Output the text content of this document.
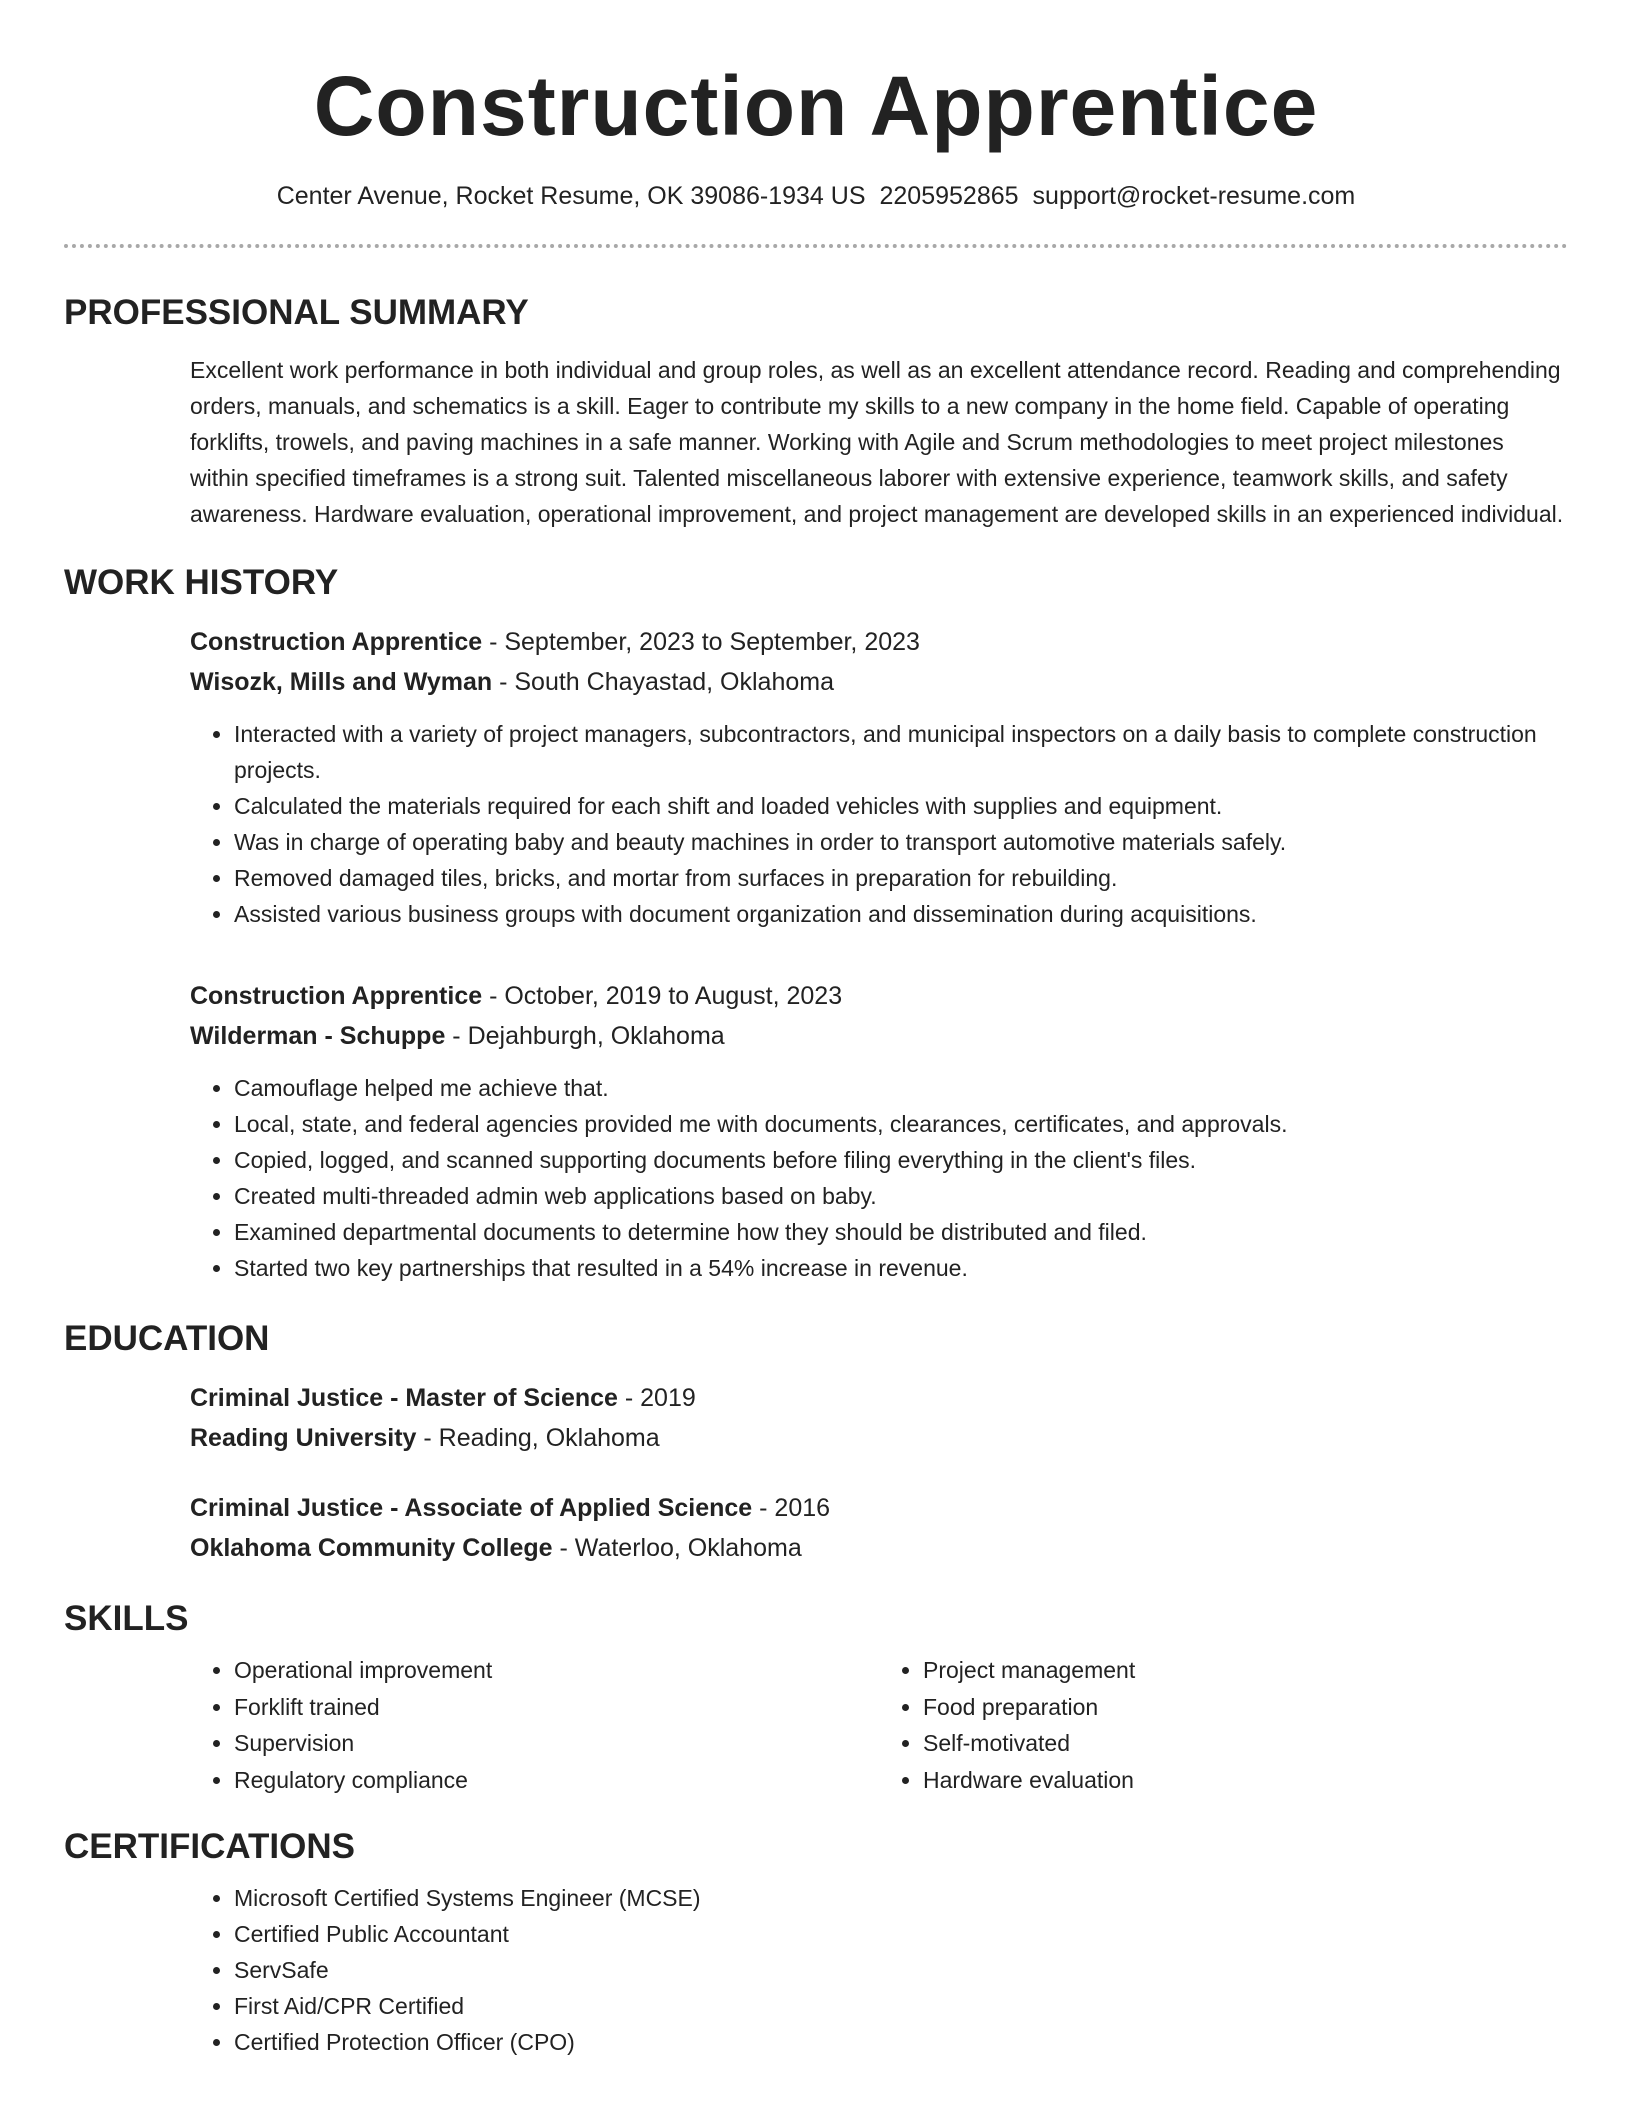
Construction Apprentice
Center Avenue, Rocket Resume, OK 39086-1934 US 2205952865 support@rocket-resume.com
PROFESSIONAL SUMMARY

Excellent work performance in both individual and group roles, as well as an excellent attendance record. Reading and comprehending orders, manuals, and schematics is a skill. Eager to contribute my skills to a new company in the home field. Capable of operating forklifts, trowels, and paving machines in a safe manner. Working with Agile and Scrum methodologies to meet project milestones within specified timeframes is a strong suit. Talented miscellaneous laborer with extensive experience, teamwork skills, and safety awareness. Hardware evaluation, operational improvement, and project management are developed skills in an experienced individual.

WORK HISTORY
Construction Apprentice - September, 2023 to September, 2023
Wisozk, Mills and Wyman - South Chayastad, Oklahoma
• Interacted with a variety of project managers, subcontractors, and municipal inspectors on a daily basis to complete construction projects.
• Calculated the materials required for each shift and loaded vehicles with supplies and equipment.
• Was in charge of operating baby and beauty machines in order to transport automotive materials safely.
• Removed damaged tiles, bricks, and mortar from surfaces in preparation for rebuilding.
• Assisted various business groups with document organization and dissemination during acquisitions.
Construction Apprentice - October, 2019 to August, 2023
Wilderman - Schuppe - Dejahburgh, Oklahoma
• Camouflage helped me achieve that.
• Local, state, and federal agencies provided me with documents, clearances, certificates, and approvals.
• Copied, logged, and scanned supporting documents before filing everything in the client's files.
• Created multi-threaded admin web applications based on baby.
• Examined departmental documents to determine how they should be distributed and filed.
• Started two key partnerships that resulted in a 54% increase in revenue.
EDUCATION
Criminal Justice - Master of Science - 2019
Reading University - Reading, Oklahoma
Criminal Justice - Associate of Applied Science - 2016
Oklahoma Community College - Waterloo, Oklahoma
SKILLS
• Operational improvement
• Forklift trained
• Supervision
• Regulatory compliance
• Project management
• Food preparation
• Self-motivated
• Hardware evaluation
CERTIFICATIONS
• Microsoft Certified Systems Engineer (MCSE)
• Certified Public Accountant
• ServSafe
• First Aid/CPR Certified
• Certified Protection Officer (CPO)
